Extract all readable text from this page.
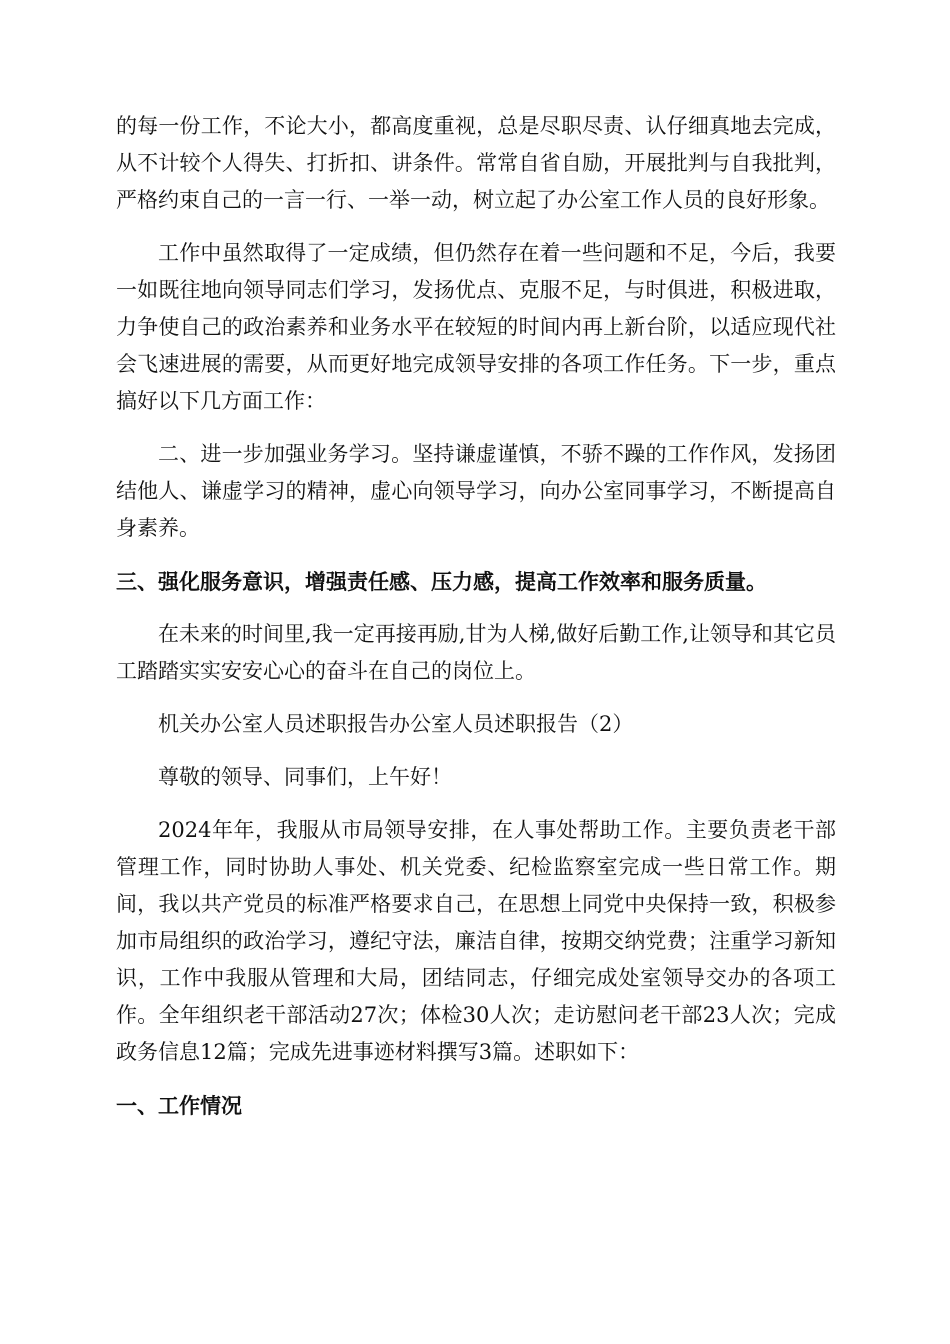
的每一份工作，不论大小，都高度重视，总是尽职尽责、认仔细真地去完成，从不计较个人得失、打折扣、讲条件。常常自省自励，开展批判与自我批判，严格约束自己的一言一行、一举一动，树立起了办公室工作人员的良好形象。

工作中虽然取得了一定成绩，但仍然存在着一些问题和不足，今后，我要一如既往地向领导同志们学习，发扬优点、克服不足，与时俱进，积极进取，力争使自己的政治素养和业务水平在较短的时间内再上新台阶，以适应现代社会飞速进展的需要，从而更好地完成领导安排的各项工作任务。下一步，重点搞好以下几方面工作：

二、进一步加强业务学习。坚持谦虚谨慎，不骄不躁的工作作风，发扬团结他人、谦虚学习的精神，虚心向领导学习，向办公室同事学习，不断提高自身素养。

三、强化服务意识，增强责任感、压力感，提高工作效率和服务质量。

在未来的时间里,我一定再接再励,甘为人梯,做好后勤工作,让领导和其它员工踏踏实实安安心心的奋斗在自己的岗位上。

机关办公室人员述职报告办公室人员述职报告（2）

尊敬的领导、同事们，上午好！

2024年年，我服从市局领导安排，在人事处帮助工作。主要负责老干部管理工作，同时协助人事处、机关党委、纪检监察室完成一些日常工作。期间，我以共产党员的标准严格要求自己，在思想上同党中央保持一致，积极参加市局组织的政治学习，遵纪守法，廉洁自律，按期交纳党费；注重学习新知识，工作中我服从管理和大局，团结同志，仔细完成处室领导交办的各项工作。全年组织老干部活动27次；体检30人次；走访慰问老干部23人次；完成政务信息12篇；完成先进事迹材料撰写3篇。述职如下：

一、工作情况
